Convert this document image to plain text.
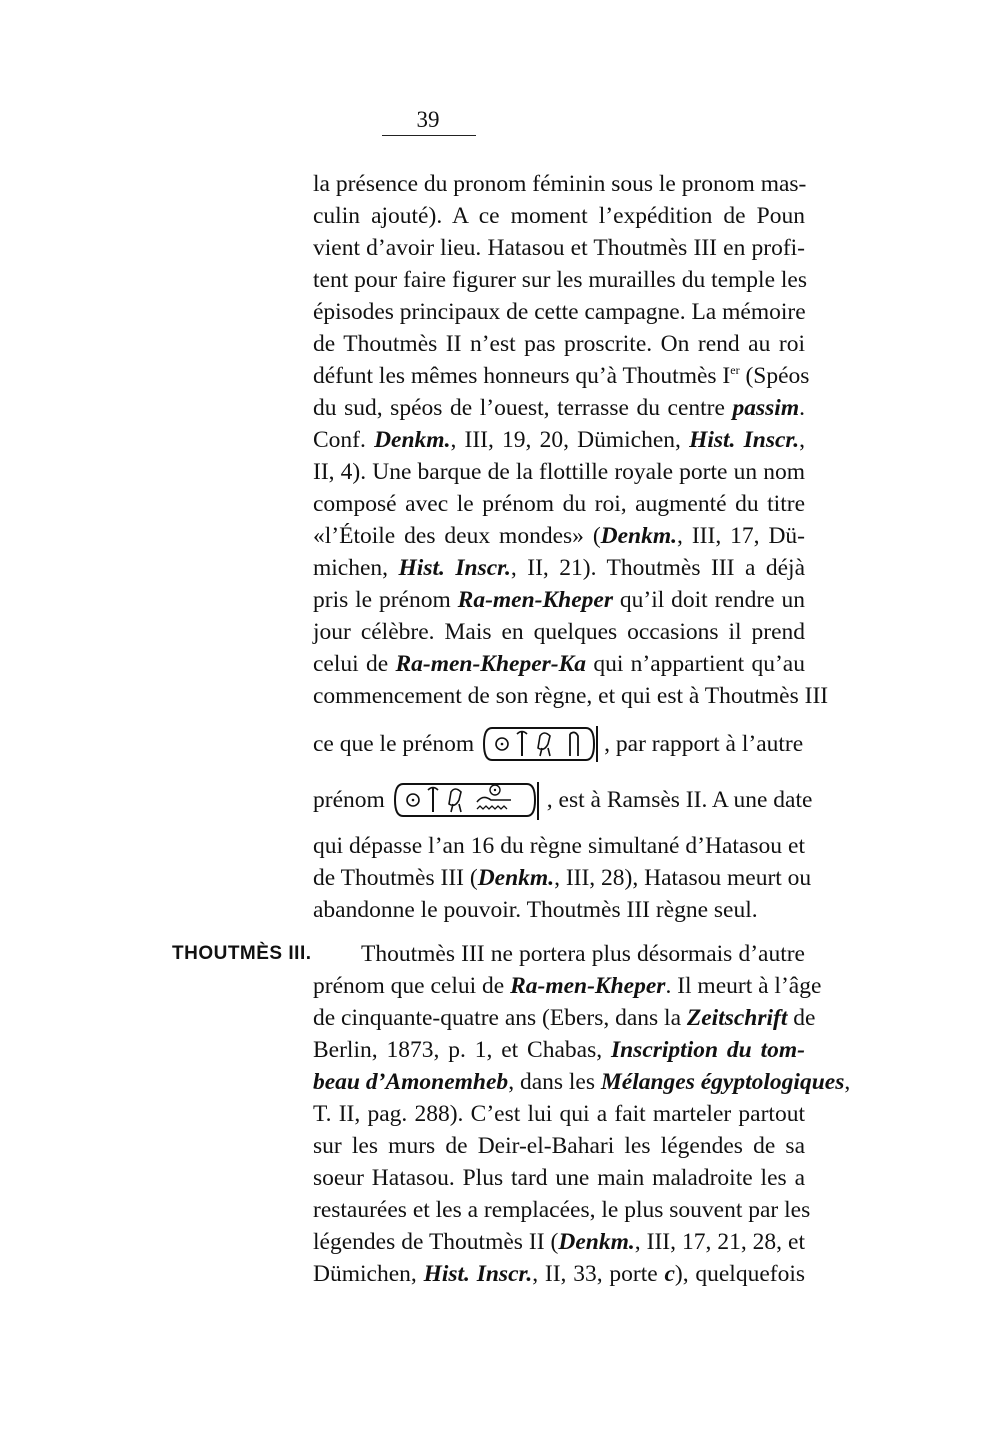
39
la présence du pronom féminin sous le pronom mas-
culin ajouté). A ce moment l’expédition de Poun
vient d’avoir lieu. Hatasou et Thoutmès III en profi-
tent pour faire figurer sur les murailles du temple les
épisodes principaux de cette campagne. La mémoire
de Thoutmès II n’est pas proscrite. On rend au roi
défunt les mêmes honneurs qu’à Thoutmès Ier (Spéos
du sud, spéos de l’ouest, terrasse du centre passim.
Conf. Denkm., III, 19, 20, Dümichen, Hist. Inscr.,
II, 4). Une barque de la flottille royale porte un nom
composé avec le prénom du roi, augmenté du titre
«l’Étoile des deux mondes» (Denkm., III, 17, Dü-
michen, Hist. Inscr., II, 21). Thoutmès III a déjà
pris le prénom Ra-men-Kheper qu’il doit rendre un
jour célèbre. Mais en quelques occasions il prend
celui de Ra-men-Kheper-Ka qui n’appartient qu’au
commencement de son règne, et qui est à Thoutmès III
ce que le prénom	, par rapport à l’autre
prénom	, est à Ramsès II. A une date
qui dépasse l’an 16 du règne simultané d’Hatasou et
de Thoutmès III (Denkm., III, 28), Hatasou meurt ou
abandonne le pouvoir. Thoutmès III règne seul.
Thoutmès III ne portera plus désormais d’autre
prénom que celui de Ra-men-Kheper. Il meurt à l’âge
de cinquante-quatre ans (Ebers, dans la Zeitschrift de
Berlin, 1873, p. 1, et Chabas, Inscription du tom-
beau d’Amonemheb, dans les Mélanges égyptologiques,
T. II, pag. 288). C’est lui qui a fait marteler partout
sur les murs de Deir-el-Bahari les légendes de sa
soeur Hatasou. Plus tard une main maladroite les a
restaurées et les a remplacées, le plus souvent par les
légendes de Thoutmès II (Denkm., III, 17, 21, 28, et
Dümichen, Hist. Inscr., II, 33, porte c), quelquefois
THOUTMÈS III.
